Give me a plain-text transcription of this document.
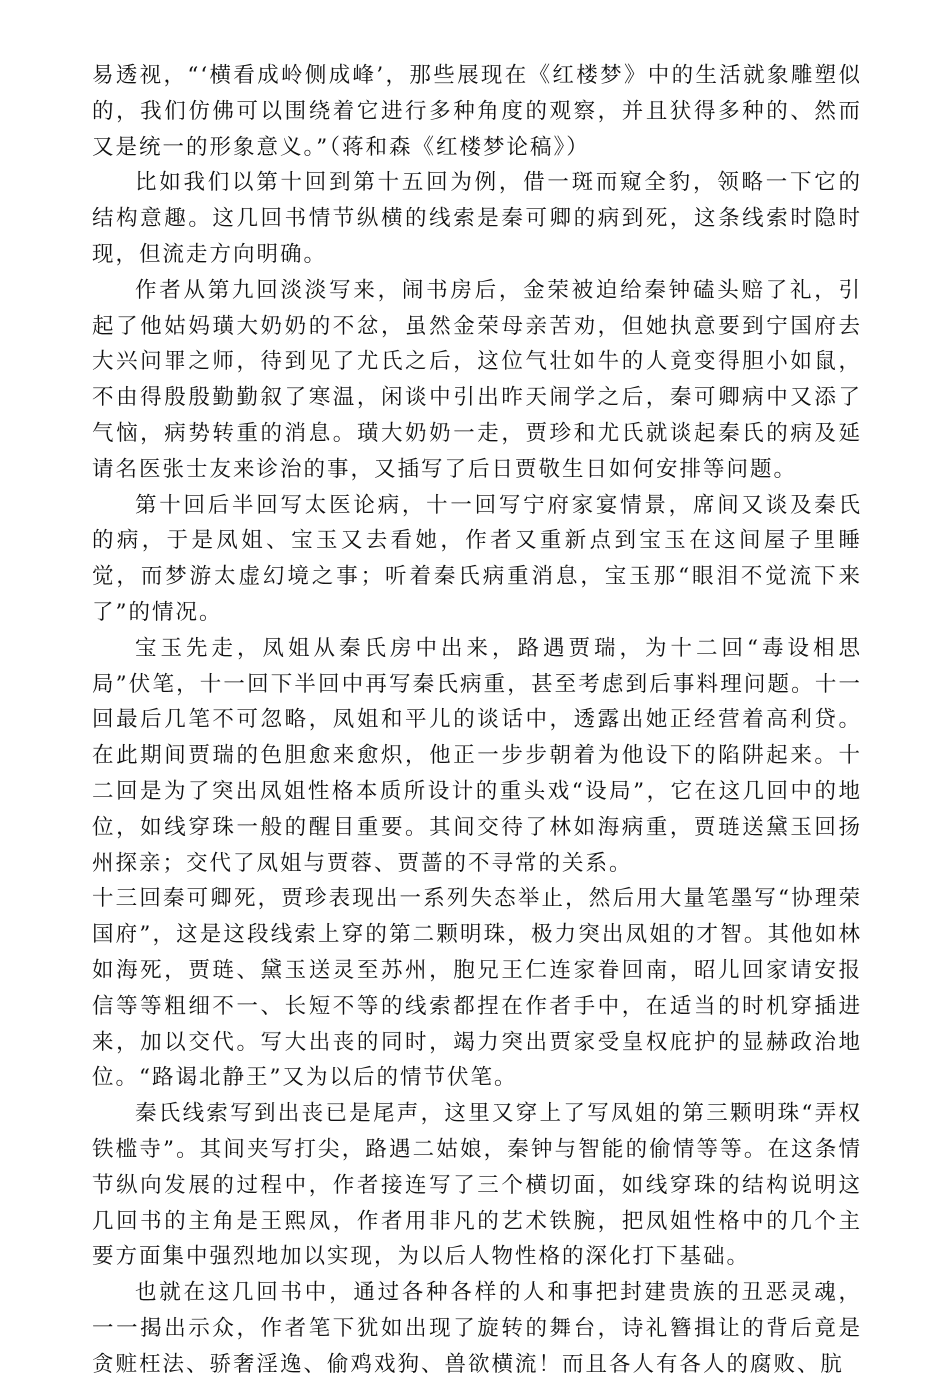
易透视，“‘横看成岭侧成峰’，那些展现在《红楼梦》中的生活就象雕塑似的，我们仿佛可以围绕着它进行多种角度的观察，并且犾得多种的、然而又是统一的形象意义。”（蒋和森《红楼梦论稿》）

比如我们以第十回到第十五回为例，借一斑而窥全豹，领略一下它的结构意趣。这几回书情节纵横的线索是秦可卿的病到死，这条线索时隐时现，但流走方向明确。

作者从第九回淡淡写来，闹书房后，金荣被迫给秦钟磕头赔了礼，引起了他姑妈璜大奶奶的不忿，虽然金荣母亲苦劝，但她执意要到宁国府去大兴问罪之师，待到见了尤氏之后，这位气壮如牛的人竟变得胆小如鼠，不由得殷殷勤勤叙了寒温，闲谈中引出昨天闹学之后，秦可卿病中又添了气恼，病势转重的消息。璜大奶奶一走，贾珍和尤氏就谈起秦氏的病及延请名医张士友来诊治的事，又插写了后日贾敬生日如何安排等问题。

第十回后半回写太医论病，十一回写宁府家宴情景，席间又谈及秦氏的病，于是凤姐、宝玉又去看她，作者又重新点到宝玉在这间屋子里睡觉，而梦游太虚幻境之事；听着秦氏病重消息，宝玉那“眼泪不觉流下来了”的情况。

宝玉先走，凤姐从秦氏房中出来，路遇贾瑞，为十二回“毒设相思局”伏笔，十一回下半回中再写秦氏病重，甚至考虑到后事料理问题。十一回最后几笔不可忽略，凤姐和平儿的谈话中，透露出她正经营着高利贷。在此期间贾瑞的色胆愈来愈炽，他正一步步朝着为他设下的陷阱起来。十二回是为了突出凤姐性格本质所设计的重头戏“设局”，它在这几回中的地位，如线穿珠一般的醒目重要。其间交待了林如海病重，贾琏送黛玉回扬州探亲；交代了凤姐与贾蓉、贾蔷的不寻常的关系。

十三回秦可卿死，贾珍表现出一系列失态举止，然后用大量笔墨写“协理荣国府”，这是这段线索上穿的第二颗明珠，极力突出凤姐的才智。其他如林如海死，贾琏、黛玉送灵至苏州，胞兄王仁连家眷回南，昭儿回家请安报信等等粗细不一、长短不等的线索都捏在作者手中，在适当的时机穿插进来，加以交代。写大出丧的同时，竭力突出贾家受皇权庇护的显赫政治地位。“路谒北静王”又为以后的情节伏笔。

秦氏线索写到出丧已是尾声，这里又穿上了写凤姐的第三颗明珠“弄权铁槛寺”。其间夹写打尖，路遇二姑娘，秦钟与智能的偷情等等。在这条情节纵向发展的过程中，作者接连写了三个横切面，如线穿珠的结构说明这几回书的主角是王熙凤，作者用非凡的艺术铁腕，把凤姐性格中的几个主要方面集中强烈地加以实现，为以后人物性格的深化打下基础。

也就在这几回书中，通过各种各样的人和事把封建贵族的丑恶灵魂，一一揭出示众，作者笔下犹如出现了旋转的舞台，诗礼簪揖让的背后竟是贪赃枉法、骄奢淫逸、偷鸡戏狗、兽欲横流！而且各人有各人的腐败、肮
